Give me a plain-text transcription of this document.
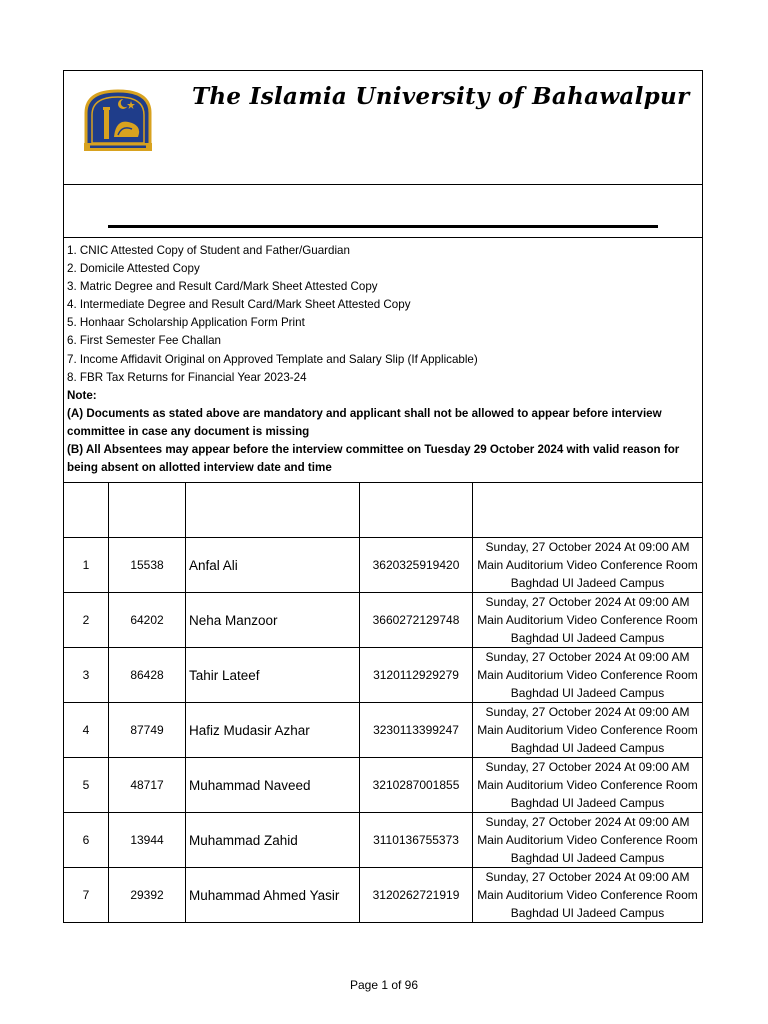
The Islamia University of Bahawalpur
1. CNIC Attested Copy of Student and Father/Guardian
2. Domicile Attested Copy
3. Matric Degree and Result Card/Mark Sheet Attested Copy
4. Intermediate Degree and Result Card/Mark Sheet Attested Copy
5. Honhaar Scholarship Application Form Print
6. First Semester Fee Challan
7. Income Affidavit Original on Approved Template and Salary Slip (If Applicable)
8. FBR Tax Returns for Financial Year 2023-24
Note:
(A) Documents as stated above are mandatory and applicant shall not be allowed to appear before interview
committee in case any document is missing
(B) All Absentees may appear before the interview committee on Tuesday 29 October 2024 with valid reason for
being absent on allotted interview date and time

1	15538	Anfal Ali	3620325919420	Sunday, 27 October 2024 At 09:00 AM
Main Auditorium Video Conference Room
Baghdad Ul Jadeed Campus

2	64202	Neha Manzoor	3660272129748	Sunday, 27 October 2024 At 09:00 AM
Main Auditorium Video Conference Room
Baghdad Ul Jadeed Campus

3	86428	Tahir Lateef	3120112929279	Sunday, 27 October 2024 At 09:00 AM
Main Auditorium Video Conference Room
Baghdad Ul Jadeed Campus

4	87749	Hafiz Mudasir Azhar	3230113399247	Sunday, 27 October 2024 At 09:00 AM
Main Auditorium Video Conference Room
Baghdad Ul Jadeed Campus

5	48717	Muhammad Naveed	3210287001855	Sunday, 27 October 2024 At 09:00 AM
Main Auditorium Video Conference Room
Baghdad Ul Jadeed Campus

6	13944	Muhammad Zahid	3110136755373	Sunday, 27 October 2024 At 09:00 AM
Main Auditorium Video Conference Room
Baghdad Ul Jadeed Campus

7	29392	Muhammad Ahmed Yasir	3120262721919	Sunday, 27 October 2024 At 09:00 AM
Main Auditorium Video Conference Room
Baghdad Ul Jadeed Campus
Page 1 of 96
